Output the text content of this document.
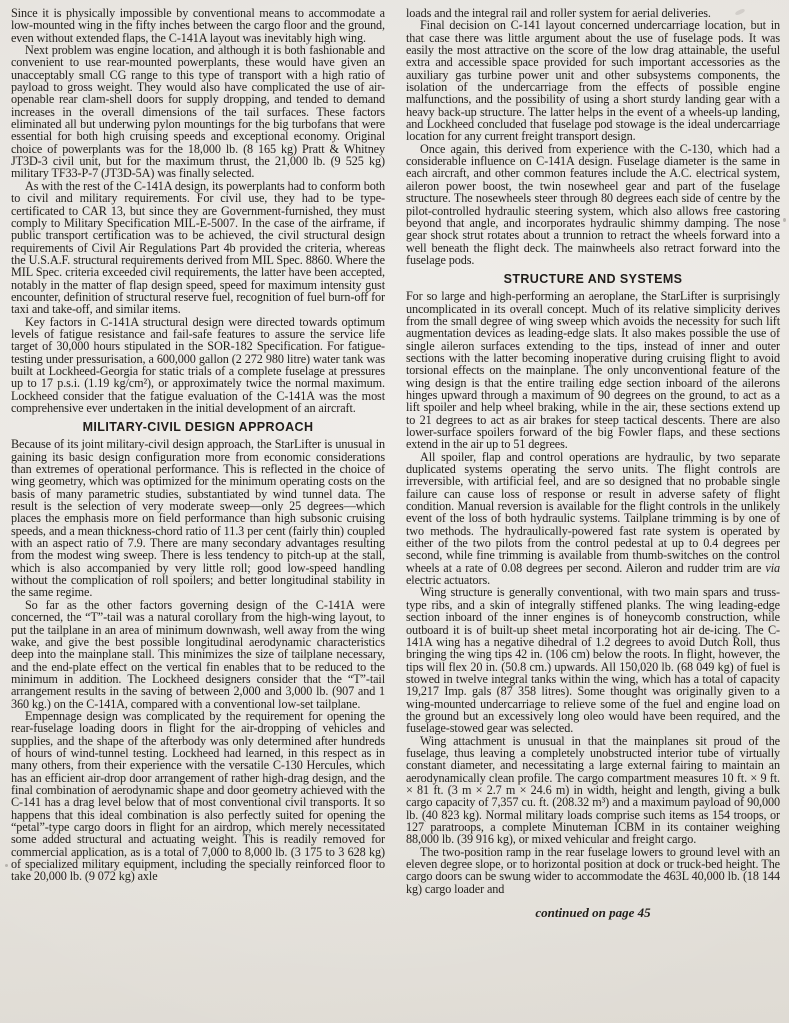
Since it is physically impossible by conventional means to accommodate a low-mounted wing in the fifty inches between the cargo floor and the ground, even without extended flaps, the C-141A layout was inevitably high wing.

Next problem was engine location, and although it is both fashionable and convenient to use rear-mounted powerplants, these would have given an unacceptably small CG range to this type of transport with a high ratio of payload to gross weight. They would also have complicated the use of air-openable rear clam-shell doors for supply dropping, and tended to demand increases in the overall dimensions of the tail surfaces. These factors eliminated all but underwing pylon mountings for the big turbofans that were essential for both high cruising speeds and exceptional economy. Original choice of powerplants was for the 18,000 lb. (8 165 kg) Pratt & Whitney JT3D-3 civil unit, but for the maximum thrust, the 21,000 lb. (9 525 kg) military TF33-P-7 (JT3D-5A) was finally selected.

As with the rest of the C-141A design, its powerplants had to conform both to civil and military requirements. For civil use, they had to be type-certificated to CAR 13, but since they are Government-furnished, they must comply to Military Specification MIL-E-5007. In the case of the airframe, if public transport certification was to be achieved, the civil structural design requirements of Civil Air Regulations Part 4b provided the criteria, whereas the U.S.A.F. structural requirements derived from MIL Spec. 8860. Where the MIL Spec. criteria exceeded civil requirements, the latter have been accepted, notably in the matter of flap design speed, speed for maximum intensity gust encounter, definition of structural reserve fuel, recognition of fuel burn-off for taxi and take-off, and similar items.

Key factors in C-141A structural design were directed towards optimum levels of fatigue resistance and fail-safe features to assure the service life target of 30,000 hours stipulated in the SOR-182 Specification. For fatigue-testing under pressurisation, a 600,000 gallon (2 272 980 litre) water tank was built at Lockheed-Georgia for static trials of a complete fuselage at pressures up to 17 p.s.i. (1.19 kg/cm²), or approximately twice the normal maximum. Lockheed consider that the fatigue evaluation of the C-141A was the most comprehensive ever undertaken in the initial development of an aircraft.

MILITARY-CIVIL DESIGN APPROACH

Because of its joint military-civil design approach, the StarLifter is unusual in gaining its basic design configuration more from economic considerations than extremes of operational performance. This is reflected in the choice of wing geometry, which was optimized for the minimum operating costs on the basis of many parametric studies, substantiated by wind tunnel data. The result is the selection of very moderate sweep—only 25 degrees—which places the emphasis more on field performance than high subsonic cruising speeds, and a mean thickness-chord ratio of 11.3 per cent (fairly thin) coupled with an aspect ratio of 7.9. There are many secondary advantages resulting from the modest wing sweep. There is less tendency to pitch-up at the stall, which is also accompanied by very little roll; good low-speed handling without the complication of roll spoilers; and better longitudinal stability in the same regime.

So far as the other factors governing design of the C-141A were concerned, the “T”-tail was a natural corollary from the high-wing layout, to put the tailplane in an area of minimum downwash, well away from the wing wake, and give the best possible longitudinal aerodynamic characteristics deep into the mainplane stall. This minimizes the size of tailplane necessary, and the end-plate effect on the vertical fin enables that to be reduced to the minimum in addition. The Lockheed designers consider that the “T”-tail arrangement results in the saving of between 2,000 and 3,000 lb. (907 and 1 360 kg.) on the C-141A, compared with a conventional low-set tailplane.

Empennage design was complicated by the requirement for opening the rear-fuselage loading doors in flight for the air-dropping of vehicles and supplies, and the shape of the afterbody was only determined after hundreds of hours of wind-tunnel testing. Lockheed had learned, in this respect as in many others, from their experience with the versatile C-130 Hercules, which has an efficient air-drop door arrangement of rather high-drag design, and the final combination of aerodynamic shape and door geometry achieved with the C-141 has a drag level below that of most conventional civil transports. It so happens that this ideal combination is also perfectly suited for opening the “petal”-type cargo doors in flight for an airdrop, which merely necessitated some added structural and actuating weight. This is readily removed for commercial application, as is a total of 7,000 to 8,000 lb. (3 175 to 3 628 kg) of specialized military equipment, including the specially reinforced floor to take 20,000 lb. (9 072 kg) axle

loads and the integral rail and roller system for aerial deliveries.

Final decision on C-141 layout concerned undercarriage location, but in that case there was little argument about the use of fuselage pods. It was easily the most attractive on the score of the low drag attainable, the useful extra and accessible space provided for such important accessories as the auxiliary gas turbine power unit and other subsystems components, the isolation of the undercarriage from the effects of possible engine malfunctions, and the possibility of using a short sturdy landing gear with a heavy back-up structure. The latter helps in the event of a wheels-up landing, and Lockheed concluded that fuselage pod stowage is the ideal undercarriage location for any current freight transport design.

Once again, this derived from experience with the C-130, which had a considerable influence on C-141A design. Fuselage diameter is the same in each aircraft, and other common features include the A.C. electrical system, aileron power boost, the twin nosewheel gear and part of the fuselage structure. The nosewheels steer through 80 degrees each side of centre by the pilot-controlled hydraulic steering system, which also allows free castoring beyond that angle, and incorporates hydraulic shimmy damping. The nose gear shock strut rotates about a trunnion to retract the wheels forward into a well beneath the flight deck. The mainwheels also retract forward into the fuselage pods.

STRUCTURE AND SYSTEMS

For so large and high-performing an aeroplane, the StarLifter is surprisingly uncomplicated in its overall concept. Much of its relative simplicity derives from the small degree of wing sweep which avoids the necessity for such lift augmentation devices as leading-edge slats. It also makes possible the use of single aileron surfaces extending to the tips, instead of inner and outer sections with the latter becoming inoperative during cruising flight to avoid torsional effects on the mainplane. The only unconventional feature of the wing design is that the entire trailing edge section inboard of the ailerons hinges upward through a maximum of 90 degrees on the ground, to act as a lift spoiler and help wheel braking, while in the air, these sections extend up to 21 degrees to act as air brakes for steep tactical descents. There are also lower-surface spoilers forward of the big Fowler flaps, and these sections extend in the air up to 51 degrees.

All spoiler, flap and control operations are hydraulic, by two separate duplicated systems operating the servo units. The flight controls are irreversible, with artificial feel, and are so designed that no probable single failure can cause loss of response or result in adverse safety of flight condition. Manual reversion is available for the flight controls in the unlikely event of the loss of both hydraulic systems. Tailplane trimming is by one of two methods. The hydraulically-powered fast rate system is operated by either of the two pilots from the control pedestal at up to 0.4 degrees per second, while fine trimming is available from thumb-switches on the control wheels at a rate of 0.08 degrees per second. Aileron and rudder trim are via electric actuators.

Wing structure is generally conventional, with two main spars and truss-type ribs, and a skin of integrally stiffened planks. The wing leading-edge section inboard of the inner engines is of honeycomb construction, while outboard it is of built-up sheet metal incorporating hot air de-icing. The C-141A wing has a negative dihedral of 1.2 degrees to avoid Dutch Roll, thus bringing the wing tips 42 in. (106 cm) below the roots. In flight, however, the tips will flex 20 in. (50.8 cm.) upwards. All 150,020 lb. (68 049 kg) of fuel is stowed in twelve integral tanks within the wing, which has a total of capacity 19,217 Imp. gals (87 358 litres). Some thought was originally given to a wing-mounted undercarriage to relieve some of the fuel and engine load on the ground but an excessively long oleo would have been required, and the fuselage-stowed gear was selected.

Wing attachment is unusual in that the mainplanes sit proud of the fuselage, thus leaving a completely unobstructed interior tube of virtually constant diameter, and necessitating a large external fairing to maintain an aerodynamically clean profile. The cargo compartment measures 10 ft. × 9 ft. × 81 ft. (3 m × 2.7 m × 24.6 m) in width, height and length, giving a bulk cargo capacity of 7,357 cu. ft. (208.32 m³) and a maximum payload of 90,000 lb. (40 823 kg). Normal military loads comprise such items as 154 troops, or 127 paratroops, a complete Minuteman ICBM in its container weighing 88,000 lb. (39 916 kg), or mixed vehicular and freight cargo.

The two-position ramp in the rear fuselage lowers to ground level with an eleven degree slope, or to horizontal position at dock or truck-bed height. The cargo doors can be swung wider to accommodate the 463L 40,000 lb. (18 144 kg) cargo loader and

continued on page 45
